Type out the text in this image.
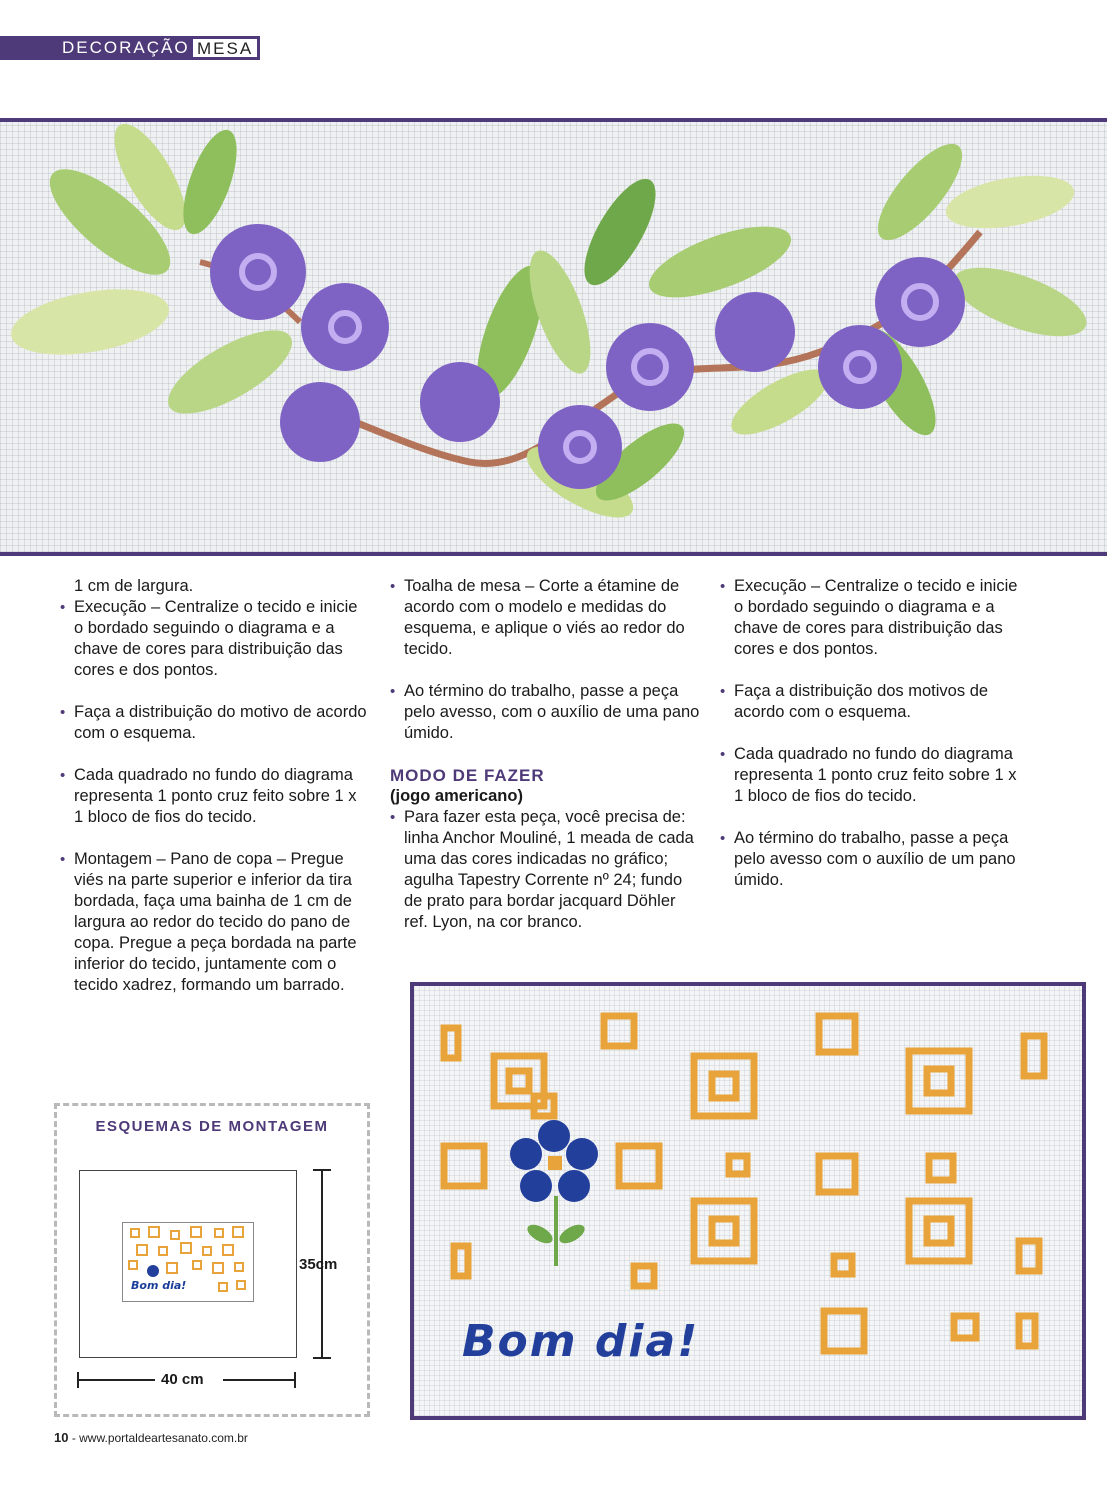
DECORAÇÃO MESA

1 cm de largura.

• Execução – Centralize o tecido e inicie o bordado seguindo o diagrama e a chave de cores para distribuição das cores e dos pontos.

• Faça a distribuição do motivo de acordo com o esquema.

• Cada quadrado no fundo do diagrama representa 1 ponto cruz feito sobre 1 x 1 bloco de fios do tecido.

• Montagem – Pano de copa – Pregue viés na parte superior e inferior da tira bordada, faça uma bainha de 1 cm de largura ao redor do tecido do pano de copa. Pregue a peça bordada na parte inferior do tecido, juntamente com o tecido xadrez, formando um barrado.

• Toalha de mesa – Corte a étamine de acordo com o modelo e medidas do esquema, e aplique o viés ao redor do tecido.

• Ao término do trabalho, passe a peça pelo avesso, com o auxílio de uma pano úmido.

MODO DE FAZER
(jogo americano)

• Para fazer esta peça, você precisa de: linha Anchor Mouliné, 1 meada de cada uma das cores indicadas no gráfico; agulha Tapestry Corrente nº 24; fundo de prato para bordar jacquard Döhler ref. Lyon, na cor branco.

• Execução – Centralize o tecido e inicie o bordado seguindo o diagrama e a chave de cores para distribuição das cores e dos pontos.

• Faça a distribuição dos motivos de acordo com o esquema.

• Cada quadrado no fundo do diagrama representa 1 ponto cruz feito sobre 1 x 1 bloco de fios do tecido.

• Ao término do trabalho, passe a peça pelo avesso com o auxílio de um pano úmido.

ESQUEMAS DE MONTAGEM
Bom dia!
35cm
40 cm
Bom dia!
10 - www.portaldeartesanato.com.br
